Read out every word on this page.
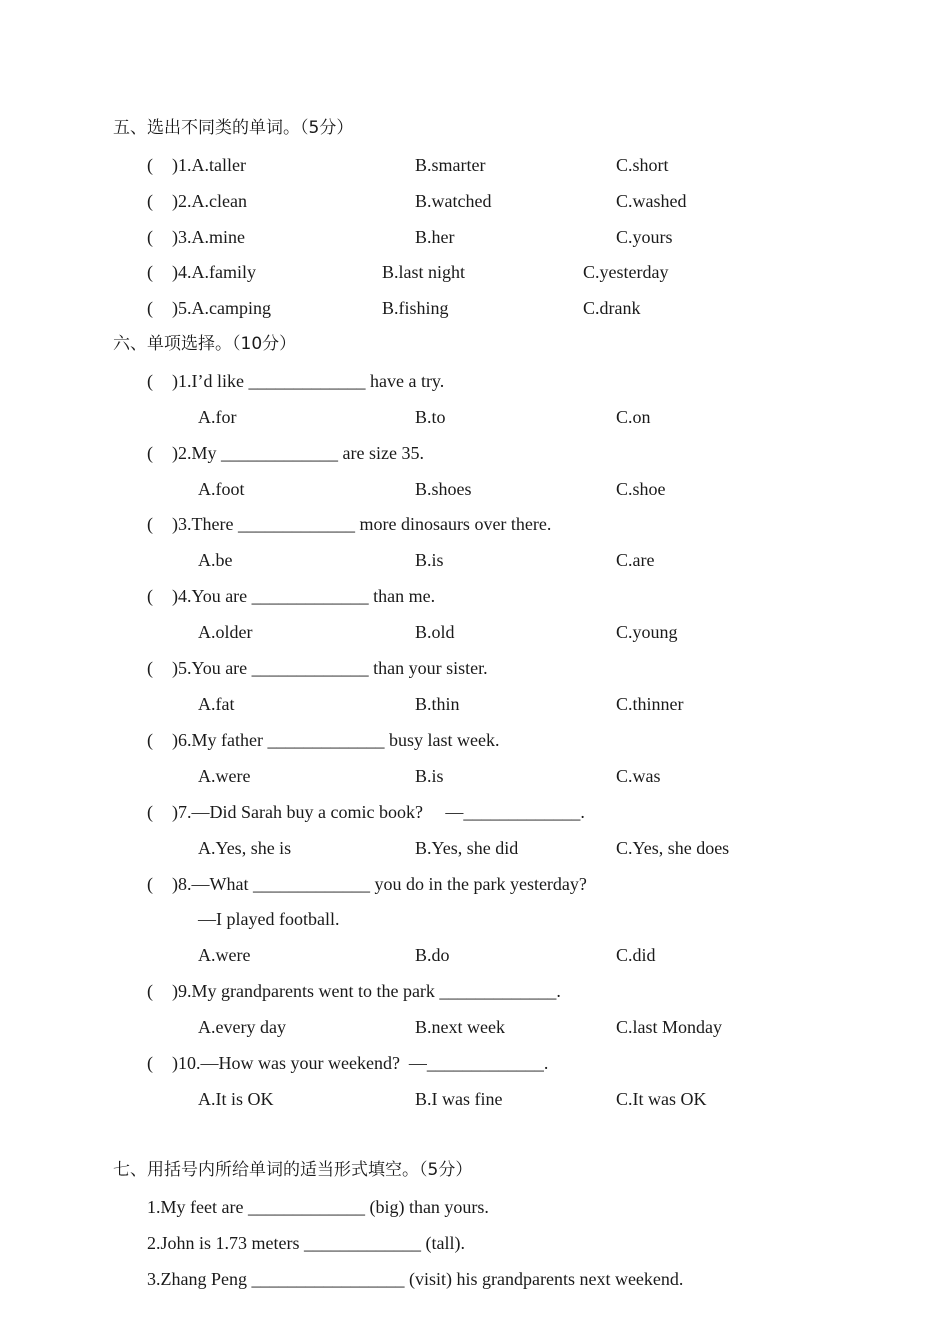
五、选出不同类的单词。（5分）
( )1.A.taller	B.smarter	C.short
( )2.A.clean	B.watched	C.washed
( )3.A.mine	B.her	C.yours
( )4.A.family	B.last night	C.yesterday
( )5.A.camping	B.fishing	C.drank
六、单项选择。（10分）
( )1.I’d like _____________ have a try.
A.for	B.to	C.on
( )2.My _____________ are size 35.
A.foot	B.shoes	C.shoe
( )3.There _____________ more dinosaurs over there.
A.be	B.is	C.are
( )4.You are _____________ than me.
A.older	B.old	C.young
( )5.You are _____________ than your sister.
A.fat	B.thin	C.thinner
( )6.My father _____________ busy last week.
A.were	B.is	C.was
( )7.—Did Sarah buy a comic book?     —_____________.
A.Yes, she is	B.Yes, she did	C.Yes, she does
( )8.—What _____________ you do in the park yesterday?
—I played football.
A.were	B.do	C.did
( )9.My grandparents went to the park _____________.
A.every day	B.next week	C.last Monday
( )10.—How was your weekend?  —_____________.
A.It is OK	B.I was fine	C.It was OK
七、用括号内所给单词的适当形式填空。（5分）
1.My feet are _____________ (big) than yours.
2.John is 1.73 meters _____________ (tall).
3.Zhang Peng _________________ (visit) his grandparents next weekend.
